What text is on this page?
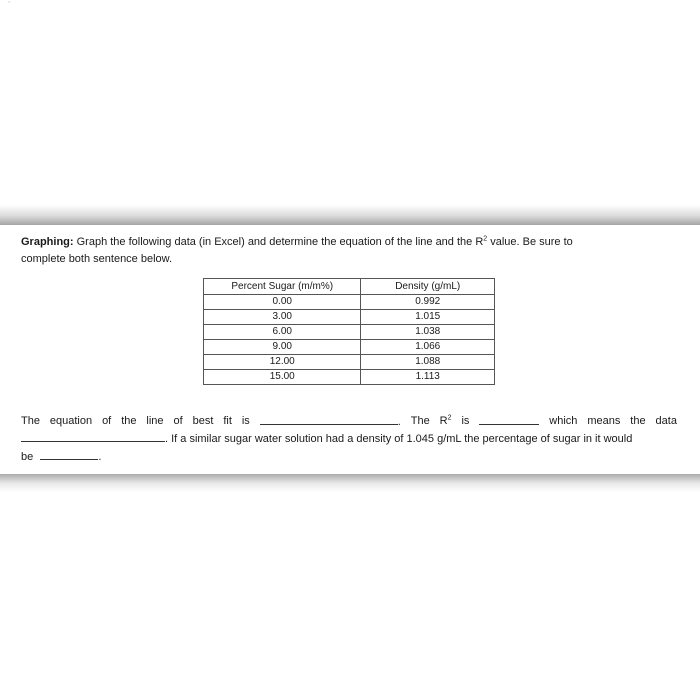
’’
Graphing: Graph the following data (in Excel) and determine the equation of the line and the $R^2$ value. Be sure to
complete both sentence below.
Percent Sugar (m/m%)	Density (g/mL)
0.00	0.992
3.00	1.015
6.00	1.038
9.00	1.066
12.00	1.088
15.00	1.113
The equation of the line of best fit is	. The $R^2$ is	which means the data
. If a similar sugar water solution had a density of 1.045 g/mL the percentage of sugar in it would
be	.
